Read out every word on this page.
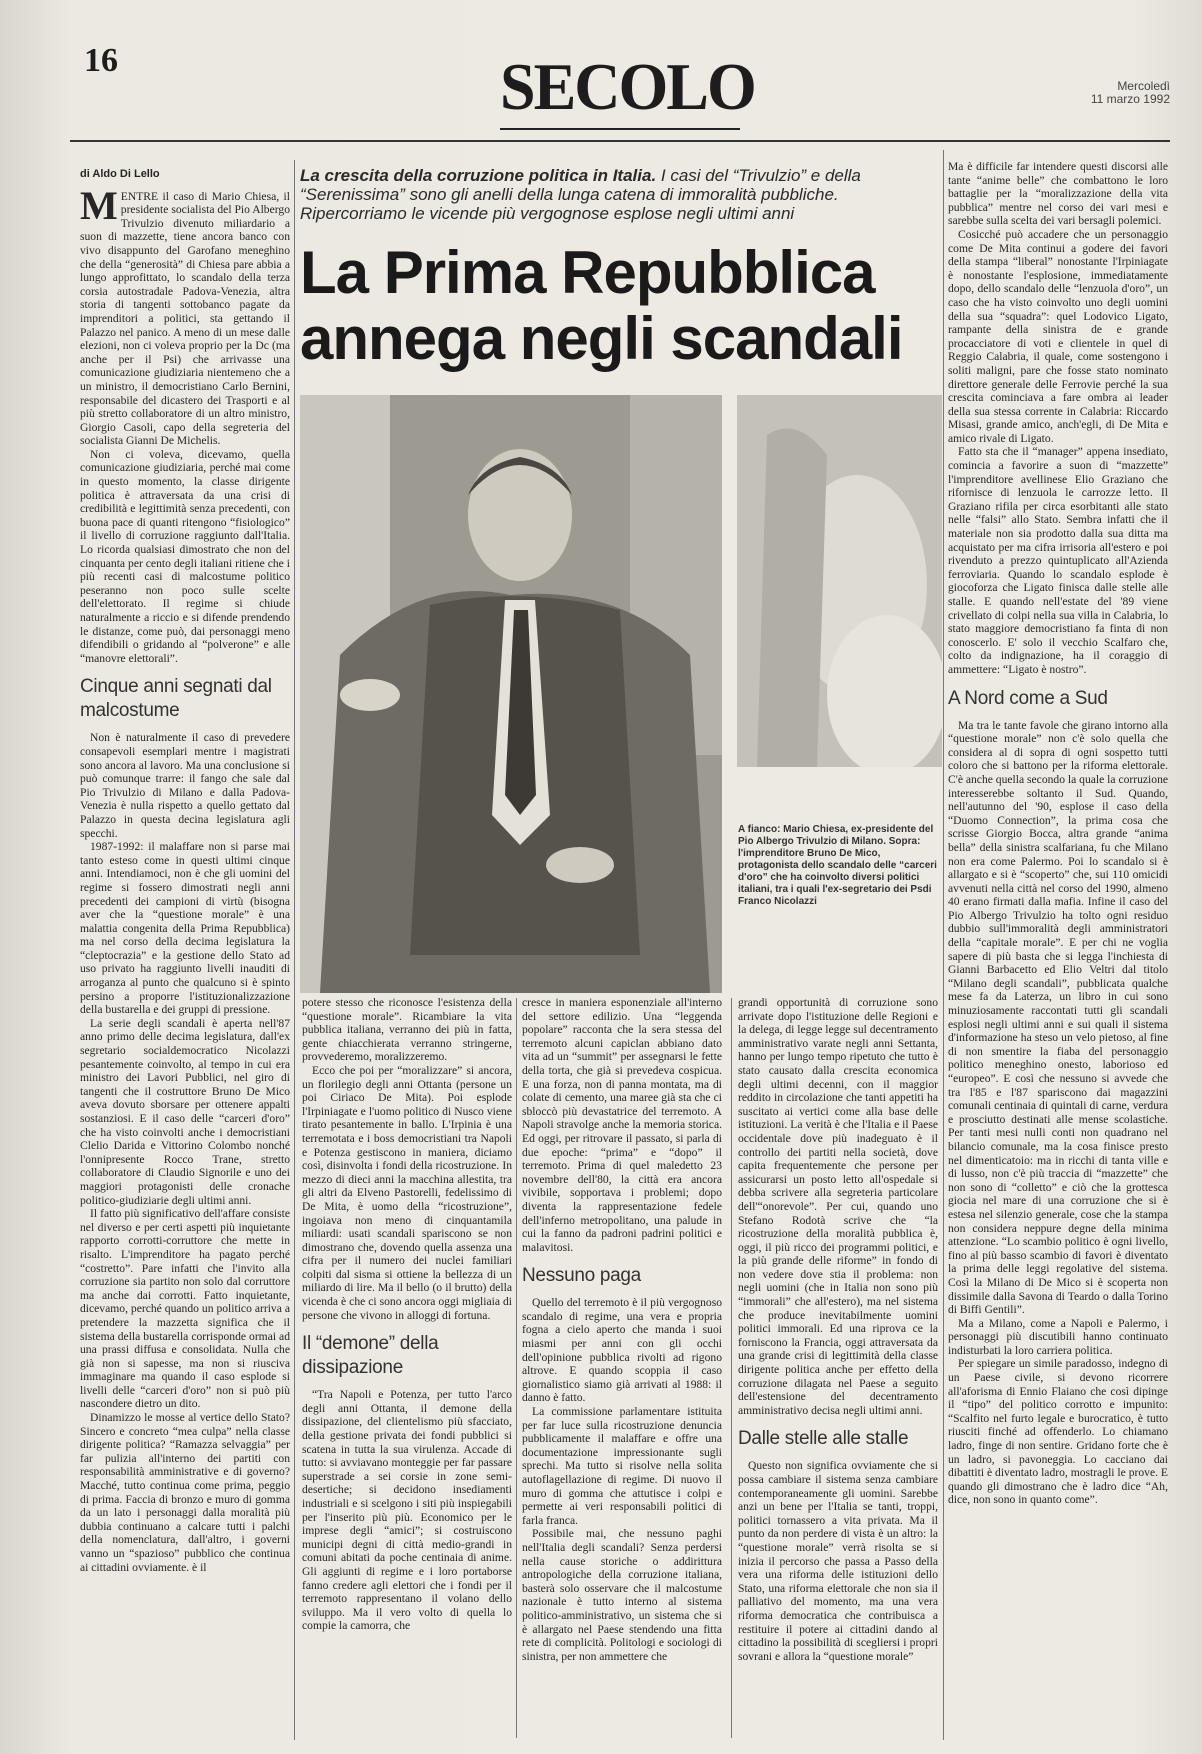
16	SECOLO	Mercoledì
11 marzo 1992
di Aldo Di Lello

MENTRE il caso di Mario Chiesa, il presidente socialista del Pio Albergo Trivulzio divenuto miliardario a suon di mazzette, tiene ancora banco con vivo disappunto del Garofano meneghino che della “generosità” di Chiesa pare abbia a lungo approfittato, lo scandalo della terza corsia autostradale Padova-Venezia, altra storia di tangenti sottobanco pagate da imprenditori a politici, sta gettando il Palazzo nel panico. A meno di un mese dalle elezioni, non ci voleva proprio per la Dc (ma anche per il Psi) che arrivasse una comunicazione giudiziaria nientemeno che a un ministro, il democristiano Carlo Bernini, responsabile del dicastero dei Trasporti e al più stretto collaboratore di un altro ministro, Giorgio Casoli, capo della segreteria del socialista Gianni De Michelis.

Non ci voleva, dicevamo, quella comunicazione giudiziaria, perché mai come in questo momento, la classe dirigente politica è attraversata da una crisi di credibilità e legittimità senza precedenti, con buona pace di quanti ritengono “fisiologico” il livello di corruzione raggiunto dall'Italia. Lo ricorda qualsiasi dimostrato che non del cinquanta per cento degli italiani ritiene che i più recenti casi di malcostume politico peseranno non poco sulle scelte dell'elettorato. Il regime si chiude naturalmente a riccio e si difende prendendo le distanze, come può, dai personaggi meno difendibili o gridando al “polverone” e alle “manovre elettorali”.

Cinque anni segnati dal malcostume

Non è naturalmente il caso di prevedere consapevoli esemplari mentre i magistrati sono ancora al lavoro. Ma una conclusione si può comunque trarre: il fango che sale dal Pio Trivulzio di Milano e dalla Padova-Venezia è nulla rispetto a quello gettato dal Palazzo in questa decina legislatura agli specchi.

1987-1992: il malaffare non si parse mai tanto esteso come in questi ultimi cinque anni. Intendiamoci, non è che gli uomini del regime si fossero dimostrati negli anni precedenti dei campioni di virtù (bisogna aver che la “questione morale” è una malattia congenita della Prima Repubblica) ma nel corso della decima legislatura la “cleptocrazia” e la gestione dello Stato ad uso privato ha raggiunto livelli inauditi di arroganza al punto che qualcuno si è spinto persino a proporre l'istituzionalizzazione della bustarella e dei gruppi di pressione.

La serie degli scandali è aperta nell'87 anno primo delle decima legislatura, dall'ex segretario socialdemocratico Nicolazzi pesantemente coinvolto, al tempo in cui era ministro dei Lavori Pubblici, nel giro di tangenti che il costruttore Bruno De Mico aveva dovuto sborsare per ottenere appalti sostanziosi. E il caso delle “carceri d'oro” che ha visto coinvolti anche i democristiani Clelio Darida e Vittorino Colombo nonché l'onnipresente Rocco Trane, stretto collaboratore di Claudio Signorile e uno dei maggiori protagonisti delle cronache politico-giudiziarie degli ultimi anni.

Il fatto più significativo dell'affare consiste nel diverso e per certi aspetti più inquietante rapporto corrotti-corruttore che mette in risalto. L'imprenditore ha pagato perché “costretto”. Pare infatti che l'invito alla corruzione sia partito non solo dal corruttore ma anche dai corrotti. Fatto inquietante, dicevamo, perché quando un politico arriva a pretendere la mazzetta significa che il sistema della bustarella corrisponde ormai ad una prassi diffusa e consolidata. Nulla che già non si sapesse, ma non si riusciva immaginare ma quando il caso esplode si livelli delle “carceri d'oro” non si può più nascondere dietro un dito.

Dinamizzo le mosse al vertice dello Stato? Sincero e concreto “mea culpa” nella classe dirigente politica? “Ramazza selvaggia” per far pulizia all'interno dei partiti con responsabilità amministrative e di governo? Macché, tutto continua come prima, peggio di prima. Faccia di bronzo e muro di gomma da un lato i personaggi dalla moralità più dubbia continuano a calcare tutti i palchi della nomenclatura, dall'altro, i governi vanno un “spazioso” pubblico che continua ai cittadini ovviamente. è il

La crescita della corruzione politica in Italia. I casi del “Trivulzio” e della “Serenissima” sono gli anelli della lunga catena di immoralità pubbliche. Ripercorriamo le vicende più vergognose esplose negli ultimi anni
La Prima Repubblica
annega negli scandali
A fianco: Mario Chiesa, ex-presidente del Pio Albergo Trivulzio di Milano. Sopra: l'imprenditore Bruno De Mico, protagonista dello scandalo delle “carceri d'oro” che ha coinvolto diversi politici italiani, tra i quali l'ex-segretario dei Psdi Franco Nicolazzi

potere stesso che riconosce l'esistenza della “questione morale”. Ricambiare la vita pubblica italiana, verranno dei più in fatta, gente chiacchierata verranno stringerne, provvederemo, moralizzeremo.

Ecco che poi per “moralizzare” si ancora, un florilegio degli anni Ottanta (persone un poi Ciriaco De Mita). Poi esplode l'Irpiniagate e l'uomo politico di Nusco viene tirato pesantemente in ballo. L'Irpinia è una terremotata e i boss democristiani tra Napoli e Potenza gestiscono in maniera, diciamo così, disinvolta i fondi della ricostruzione. In mezzo di dieci anni la macchina allestita, tra gli altri da Elveno Pastorelli, fedelissimo di De Mita, è uomo della “ricostruzione”, ingoiava non meno di cinquantamila miliardi: usati scandali spariscono se non dimostrano che, dovendo quella assenza una cifra per il numero dei nuclei familiari colpiti dal sisma si ottiene la bellezza di un miliardo di lire. Ma il bello (o il brutto) della vicenda è che ci sono ancora oggi migliaia di persone che vivono in alloggi di fortuna.

Il “demone” della dissipazione

“Tra Napoli e Potenza, per tutto l'arco degli anni Ottanta, il demone della dissipazione, del clientelismo più sfacciato, della gestione privata dei fondi pubblici si scatena in tutta la sua virulenza. Accade di tutto: si avviavano monteggie per far passare superstrade a sei corsie in zone semi-desertiche; si decidono insediamenti industriali e si scelgono i siti più inspiegabili per l'inserito più più. Economico per le imprese degli “amici”; si costruiscono municipi degni di città medio-grandi in comuni abitati da poche centinaia di anime. Gli aggiunti di regime e i loro portaborse fanno credere agli elettori che i fondi per il terremoto rappresentano il volano dello sviluppo. Ma il vero volto di quella lo compie la camorra, che

cresce in maniera esponenziale all'interno del settore edilizio. Una “leggenda popolare” racconta che la sera stessa del terremoto alcuni capiclan abbiano dato vita ad un “summit” per assegnarsi le fette della torta, che già si prevedeva cospicua. E una forza, non di panna montata, ma di colate di cemento, una maree già sta che ci sbloccò più devastatrice del terremoto. A Napoli stravolge anche la memoria storica. Ed oggi, per ritrovare il passato, si parla di due epoche: “prima” e “dopo” il terremoto. Prima di quel maledetto 23 novembre dell'80, la città era ancora vivibile, sopportava i problemi; dopo diventa la rappresentazione fedele dell'inferno metropolitano, una palude in cui la fanno da padroni padrini politici e malavitosi.

Nessuno paga

Quello del terremoto è il più vergognoso scandalo di regime, una vera e propria fogna a cielo aperto che manda i suoi miasmi per anni con gli occhi dell'opinione pubblica rivolti ad rigono altrove. E quando scoppia il caso giornalistico siamo già arrivati al 1988: il danno è fatto.

La commissione parlamentare istituita per far luce sulla ricostruzione denuncia pubblicamente il malaffare e offre una documentazione impressionante sugli sprechi. Ma tutto si risolve nella solita autoflagellazione di regime. Di nuovo il muro di gomma che attutisce i colpi e permette ai veri responsabili politici di farla franca.

Possibile mai, che nessuno paghi nell'Italia degli scandali? Senza perdersi nella cause storiche o addirittura antropologiche della corruzione italiana, basterà solo osservare che il malcostume nazionale è tutto interno al sistema politico-amministrativo, un sistema che si è allargato nel Paese stendendo una fitta rete di complicità. Politologi e sociologi di sinistra, per non ammettere che

grandi opportunità di corruzione sono arrivate dopo l'istituzione delle Regioni e la delega, di legge legge sul decentramento amministrativo varate negli anni Settanta, hanno per lungo tempo ripetuto che tutto è stato causato dalla crescita economica degli ultimi decenni, con il maggior reddito in circolazione che tanti appetiti ha suscitato ai vertici come alla base delle istituzioni. La verità è che l'Italia e il Paese occidentale dove più inadeguato è il controllo dei partiti nella società, dove capita frequentemente che persone per assicurarsi un posto letto all'ospedale si debba scrivere alla segreteria particolare dell'“onorevole”. Per cui, quando uno Stefano Rodotà scrive che “la ricostruzione della moralità pubblica è, oggi, il più ricco dei programmi politici, e la più grande delle riforme” in fondo di non vedere dove stia il problema: non negli uomini (che in Italia non sono più “immorali” che all'estero), ma nel sistema che produce inevitabilmente uomini politici immorali. Ed una riprova ce la forniscono la Francia, oggi attraversata da una grande crisi di legittimità della classe dirigente politica anche per effetto della corruzione dilagata nel Paese a seguito dell'estensione del decentramento amministrativo decisa negli ultimi anni.

Dalle stelle alle stalle

Questo non significa ovviamente che si possa cambiare il sistema senza cambiare contemporaneamente gli uomini. Sarebbe anzi un bene per l'Italia se tanti, troppi, politici tornassero a vita privata. Ma il punto da non perdere di vista è un altro: la “questione morale” verrà risolta se si inizia il percorso che passa a Passo della vera una riforma delle istituzioni dello Stato, una riforma elettorale che non sia il palliativo del momento, ma una vera riforma democratica che contribuisca a restituire il potere ai cittadini dando al cittadino la possibilità di scegliersi i propri sovrani e allora la “questione morale”

Ma è difficile far intendere questi discorsi alle tante “anime belle” che combattono le loro battaglie per la “moralizzazione della vita pubblica” mentre nel corso dei vari mesi e sarebbe sulla scelta dei vari bersagli polemici.

Cosicché può accadere che un personaggio come De Mita continui a godere dei favori della stampa “liberal” nonostante l'Irpiniagate è nonostante l'esplosione, immediatamente dopo, dello scandalo delle “lenzuola d'oro”, un caso che ha visto coinvolto uno degli uomini della sua “squadra”: quel Lodovico Ligato, rampante della sinistra de e grande procacciatore di voti e clientele in quel di Reggio Calabria, il quale, come sostengono i soliti maligni, pare che fosse stato nominato direttore generale delle Ferrovie perché la sua crescita cominciava a fare ombra ai leader della sua stessa corrente in Calabria: Riccardo Misasi, grande amico, anch'egli, di De Mita e amico rivale di Ligato.

Fatto sta che il “manager” appena insediato, comincia a favorire a suon di “mazzette” l'imprenditore avellinese Elio Graziano che rifornisce di lenzuola le carrozze letto. Il Graziano rifila per circa esorbitanti alle stato nelle “falsi” allo Stato. Sembra infatti che il materiale non sia prodotto dalla sua ditta ma acquistato per ma cifra irrisoria all'estero e poi rivenduto a prezzo quintuplicato all'Azienda ferroviaria. Quando lo scandalo esplode è giocoforza che Ligato finisca dalle stelle alle stalle. E quando nell'estate del '89 viene crivellato di colpi nella sua villa in Calabria, lo stato maggiore democristiano fa finta di non conoscerlo. E' solo il vecchio Scalfaro che, colto da indignazione, ha il coraggio di ammettere: “Ligato è nostro”.

A Nord come a Sud

Ma tra le tante favole che girano intorno alla “questione morale” non c'è solo quella che considera al di sopra di ogni sospetto tutti coloro che si battono per la riforma elettorale. C'è anche quella secondo la quale la corruzione interesserebbe soltanto il Sud. Quando, nell'autunno del '90, esplose il caso della “Duomo Connection”, la prima cosa che scrisse Giorgio Bocca, altra grande “anima bella” della sinistra scalfariana, fu che Milano non era come Palermo. Poi lo scandalo si è allargato e si è “scoperto” che, sui 110 omicidi avvenuti nella città nel corso del 1990, almeno 40 erano firmati dalla mafia. Infine il caso del Pio Albergo Trivulzio ha tolto ogni residuo dubbio sull'immoralità degli amministratori della “capitale morale”. E per chi ne voglia sapere di più basta che si legga l'inchiesta di Gianni Barbacetto ed Elio Veltri dal titolo “Milano degli scandali”, pubblicata qualche mese fa da Laterza, un libro in cui sono minuziosamente raccontati tutti gli scandali esplosi negli ultimi anni e sui quali il sistema d'informazione ha steso un velo pietoso, al fine di non smentire la fiaba del personaggio politico meneghino onesto, laborioso ed “europeo”. E così che nessuno si avvede che tra l'85 e l'87 spariscono dai magazzini comunali centinaia di quintali di carne, verdura e prosciutto destinati alle mense scolastiche. Per tanti mesi nulli conti non quadrano nel bilancio comunale, ma la cosa finisce presto nel dimenticatoio: ma in ricchi di tanta ville e di lusso, non c'è più traccia di “mazzette” che non sono di “colletto” e ciò che la grottesca giocia nel mare di una corruzione che si è estesa nel silenzio generale, cose che la stampa non considera neppure degne della minima attenzione. “Lo scambio politico è ogni livello, fino al più basso scambio di favori è diventato la prima delle leggi regolative del sistema. Così la Milano di De Mico si è scoperta non dissimile dalla Savona di Teardo o dalla Torino di Biffi Gentili”.

Ma a Milano, come a Napoli e Palermo, i personaggi più discutibili hanno continuato indisturbati la loro carriera politica.

Per spiegare un simile paradosso, indegno di un Paese civile, si devono ricorrere all'aforisma di Ennio Flaiano che così dipinge il “tipo” del politico corrotto e impunito: “Scalfito nel furto legale e burocratico, è tutto riusciti finché ad offenderlo. Lo chiamano ladro, finge di non sentire. Gridano forte che è un ladro, si pavoneggia. Lo cacciano dai dibattiti è diventato ladro, mostragli le prove. E quando gli dimostrano che è ladro dice “Ah, dice, non sono in quanto come”.
